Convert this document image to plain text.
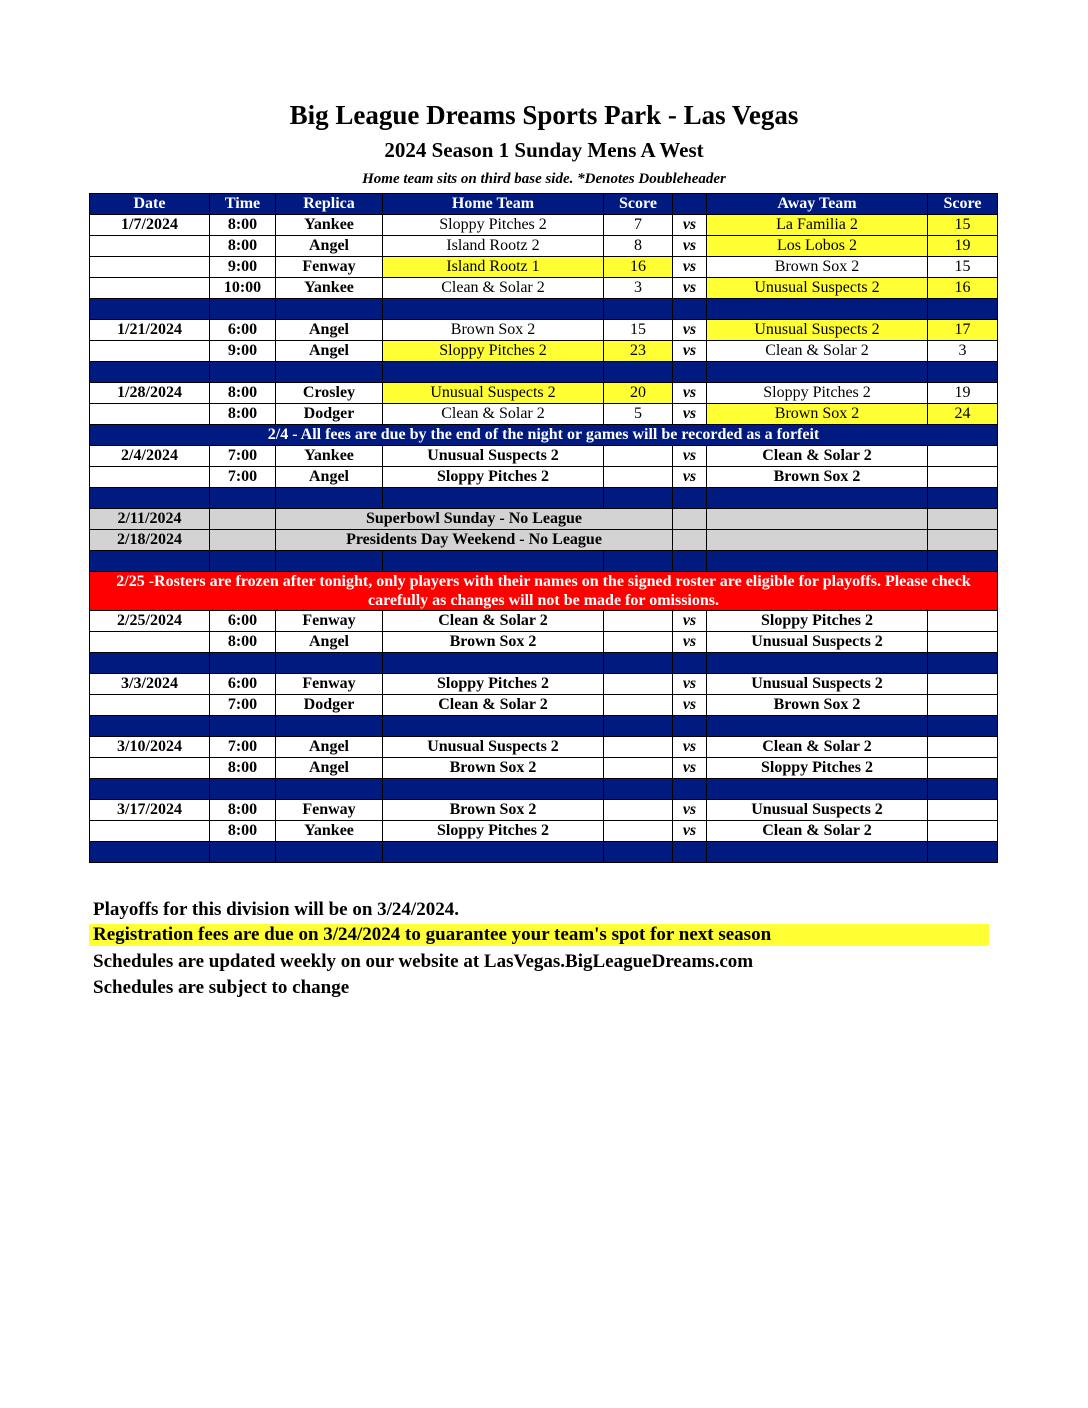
Big League Dreams Sports Park - Las Vegas
2024 Season 1 Sunday Mens A West
Home team sits on third base side. *Denotes Doubleheader
Date	Time	Replica	Home Team	Score		Away Team	Score
1/7/2024	8:00	Yankee	Sloppy Pitches 2	7	vs	La Familia 2	15
	8:00	Angel	Island Rootz 2	8	vs	Los Lobos 2	19
	9:00	Fenway	Island Rootz 1	16	vs	Brown Sox 2	15
	10:00	Yankee	Clean & Solar 2	3	vs	Unusual Suspects 2	16

1/21/2024	6:00	Angel	Brown Sox 2	15	vs	Unusual Suspects 2	17
	9:00	Angel	Sloppy Pitches 2	23	vs	Clean & Solar 2	3

1/28/2024	8:00	Crosley	Unusual Suspects 2	20	vs	Sloppy Pitches 2	19
	8:00	Dodger	Clean & Solar 2	5	vs	Brown Sox 2	24
2/4 - All fees are due by the end of the night or games will be recorded as a forfeit							
2/4/2024	7:00	Yankee	Unusual Suspects 2		vs	Clean & Solar 2	
	7:00	Angel	Sloppy Pitches 2		vs	Brown Sox 2	

2/11/2024		Superbowl Sunday - No League					
2/18/2024		Presidents Day Weekend - No League					

2/25 -Rosters are frozen after tonight, only players with their names on the signed roster are eligible for playoffs. Please check carefully as changes will not be made for omissions.							
2/25/2024	6:00	Fenway	Clean & Solar 2		vs	Sloppy Pitches 2	
	8:00	Angel	Brown Sox 2		vs	Unusual Suspects 2	

3/3/2024	6:00	Fenway	Sloppy Pitches 2		vs	Unusual Suspects 2	
	7:00	Dodger	Clean & Solar 2		vs	Brown Sox 2	

3/10/2024	7:00	Angel	Unusual Suspects 2		vs	Clean & Solar 2	
	8:00	Angel	Brown Sox 2		vs	Sloppy Pitches 2	

3/17/2024	8:00	Fenway	Brown Sox 2		vs	Unusual Suspects 2	
	8:00	Yankee	Sloppy Pitches 2		vs	Clean & Solar 2	

Playoffs for this division will be on 3/24/2024.
Registration fees are due on 3/24/2024 to guarantee your team's spot for next season
Schedules are updated weekly on our website at LasVegas.BigLeagueDreams.com
Schedules are subject to change
